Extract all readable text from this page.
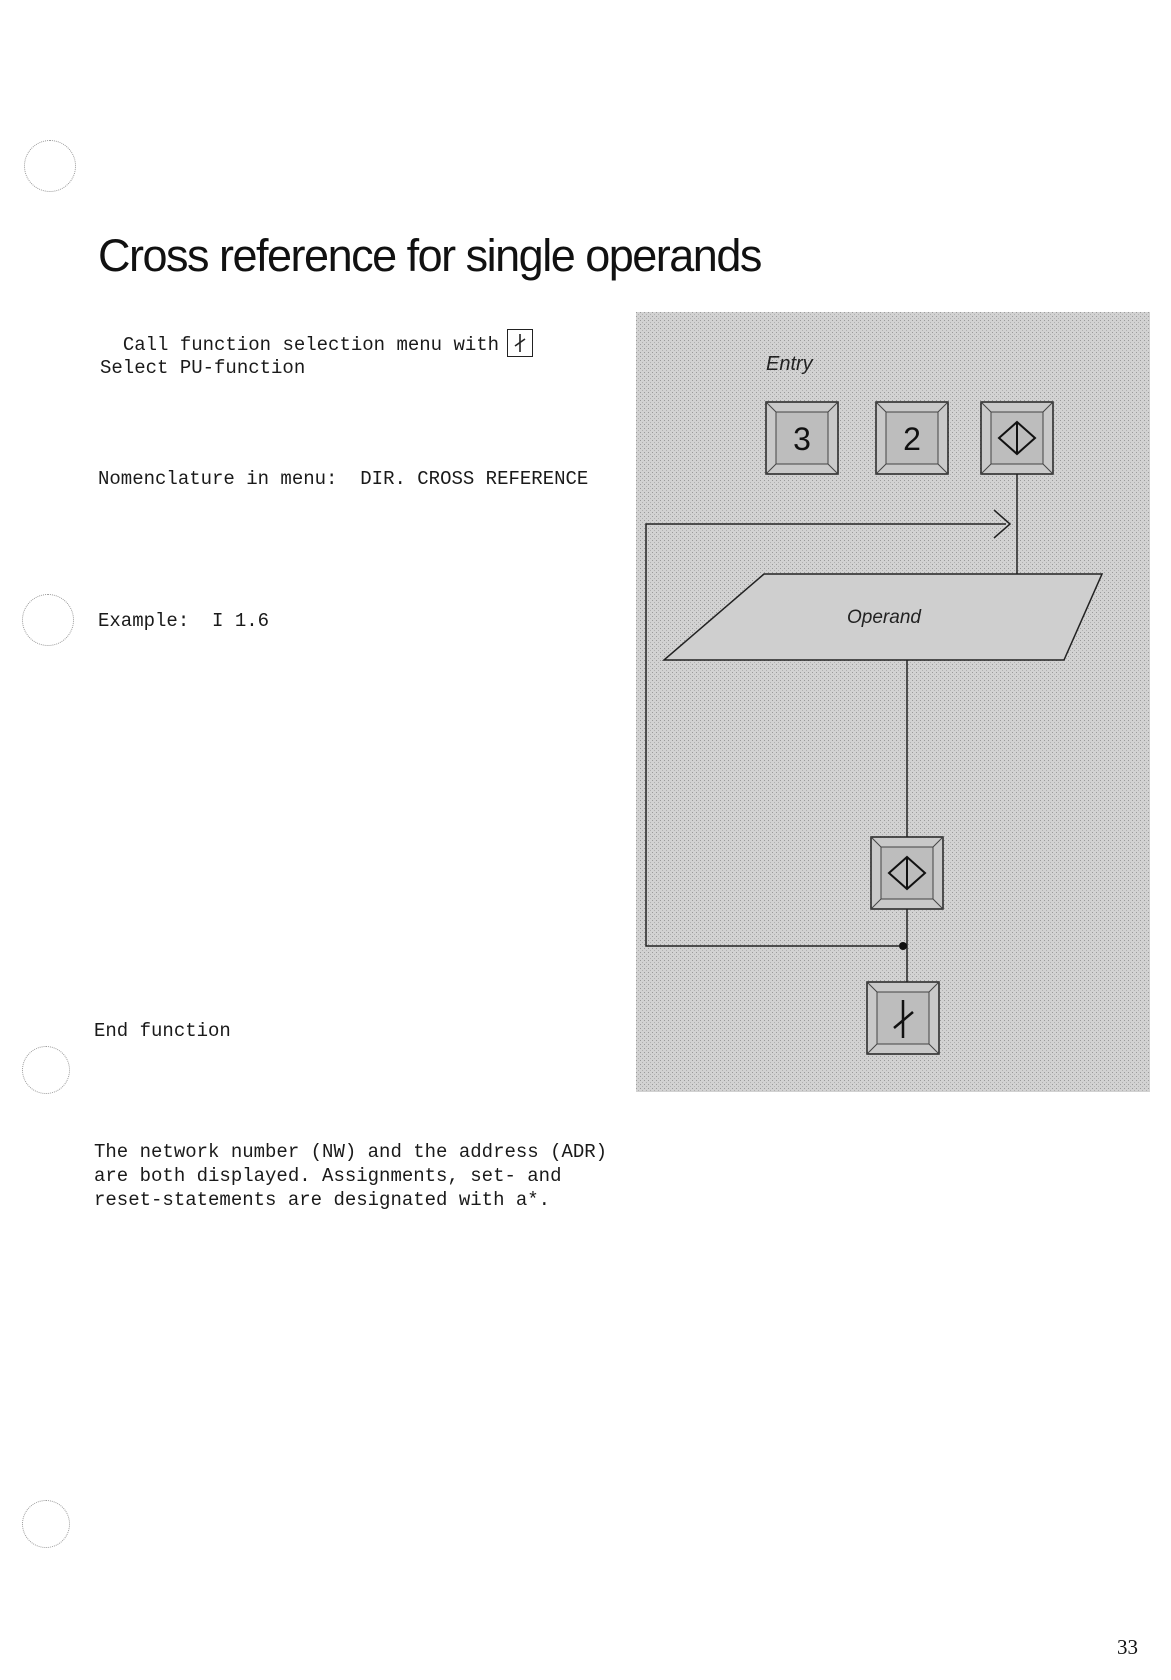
Cross reference for single operands

Call function selection menu with

Select PU-function
Nomenclature in menu: DIR. CROSS REFERENCE
Example: I 1.6
End function
Entry
3	2
Operand
The network number (NW) and the address (ADR)
are both displayed. Assignments, set- and
reset-statements are designated with a*.
33
